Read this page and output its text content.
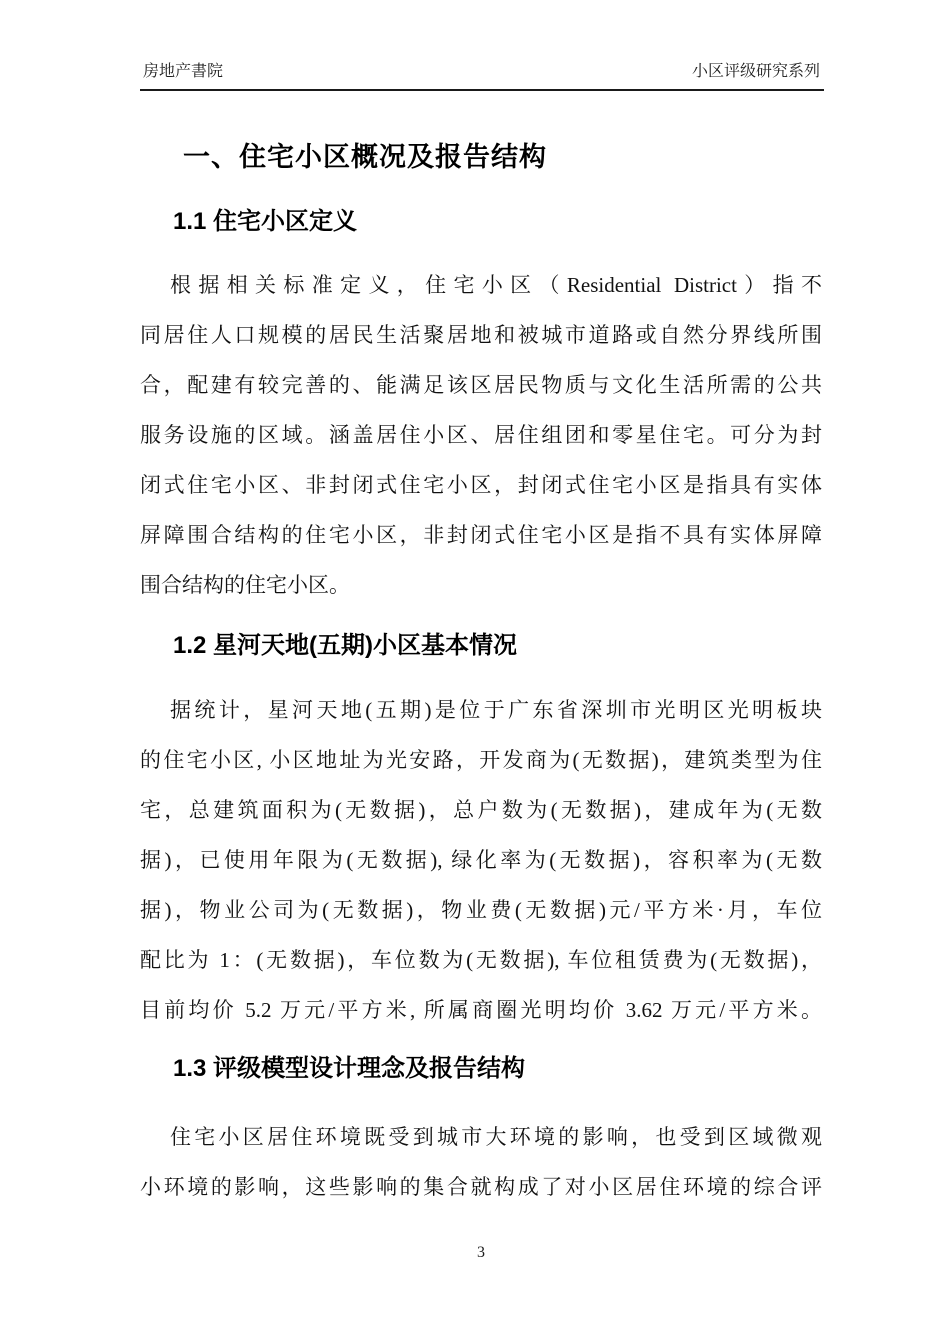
房地产書院	小区评级研究系列
一、住宅小区概况及报告结构
1.1 住宅小区定义
根据相关标准定义，住宅小区（Residential District）指不
同居住人口规模的居民生活聚居地和被城市道路或自然分界线所围
合，配建有较完善的、能满足该区居民物质与文化生活所需的公共
服务设施的区域。涵盖居住小区、居住组团和零星住宅。可分为封
闭式住宅小区、非封闭式住宅小区，封闭式住宅小区是指具有实体
屏障围合结构的住宅小区，非封闭式住宅小区是指不具有实体屏障
围合结构的住宅小区。
1.2 星河天地(五期)小区基本情况
据统计，星河天地(五期)是位于广东省深圳市光明区光明板块
的住宅小区, 小区地址为光安路，开发商为(无数据)，建筑类型为住
宅，总建筑面积为(无数据)，总户数为(无数据)，建成年为(无数
据)，已使用年限为(无数据), 绿化率为(无数据)，容积率为(无数
据)，物业公司为(无数据)，物业费(无数据)元/平方米·月，车位
配比为 1：(无数据)，车位数为(无数据), 车位租赁费为(无数据)，
目前均价 5.2 万元/平方米, 所属商圈光明均价 3.62 万元/平方米。
1.3 评级模型设计理念及报告结构
住宅小区居住环境既受到城市大环境的影响，也受到区域微观
小环境的影响，这些影响的集合就构成了对小区居住环境的综合评
3
